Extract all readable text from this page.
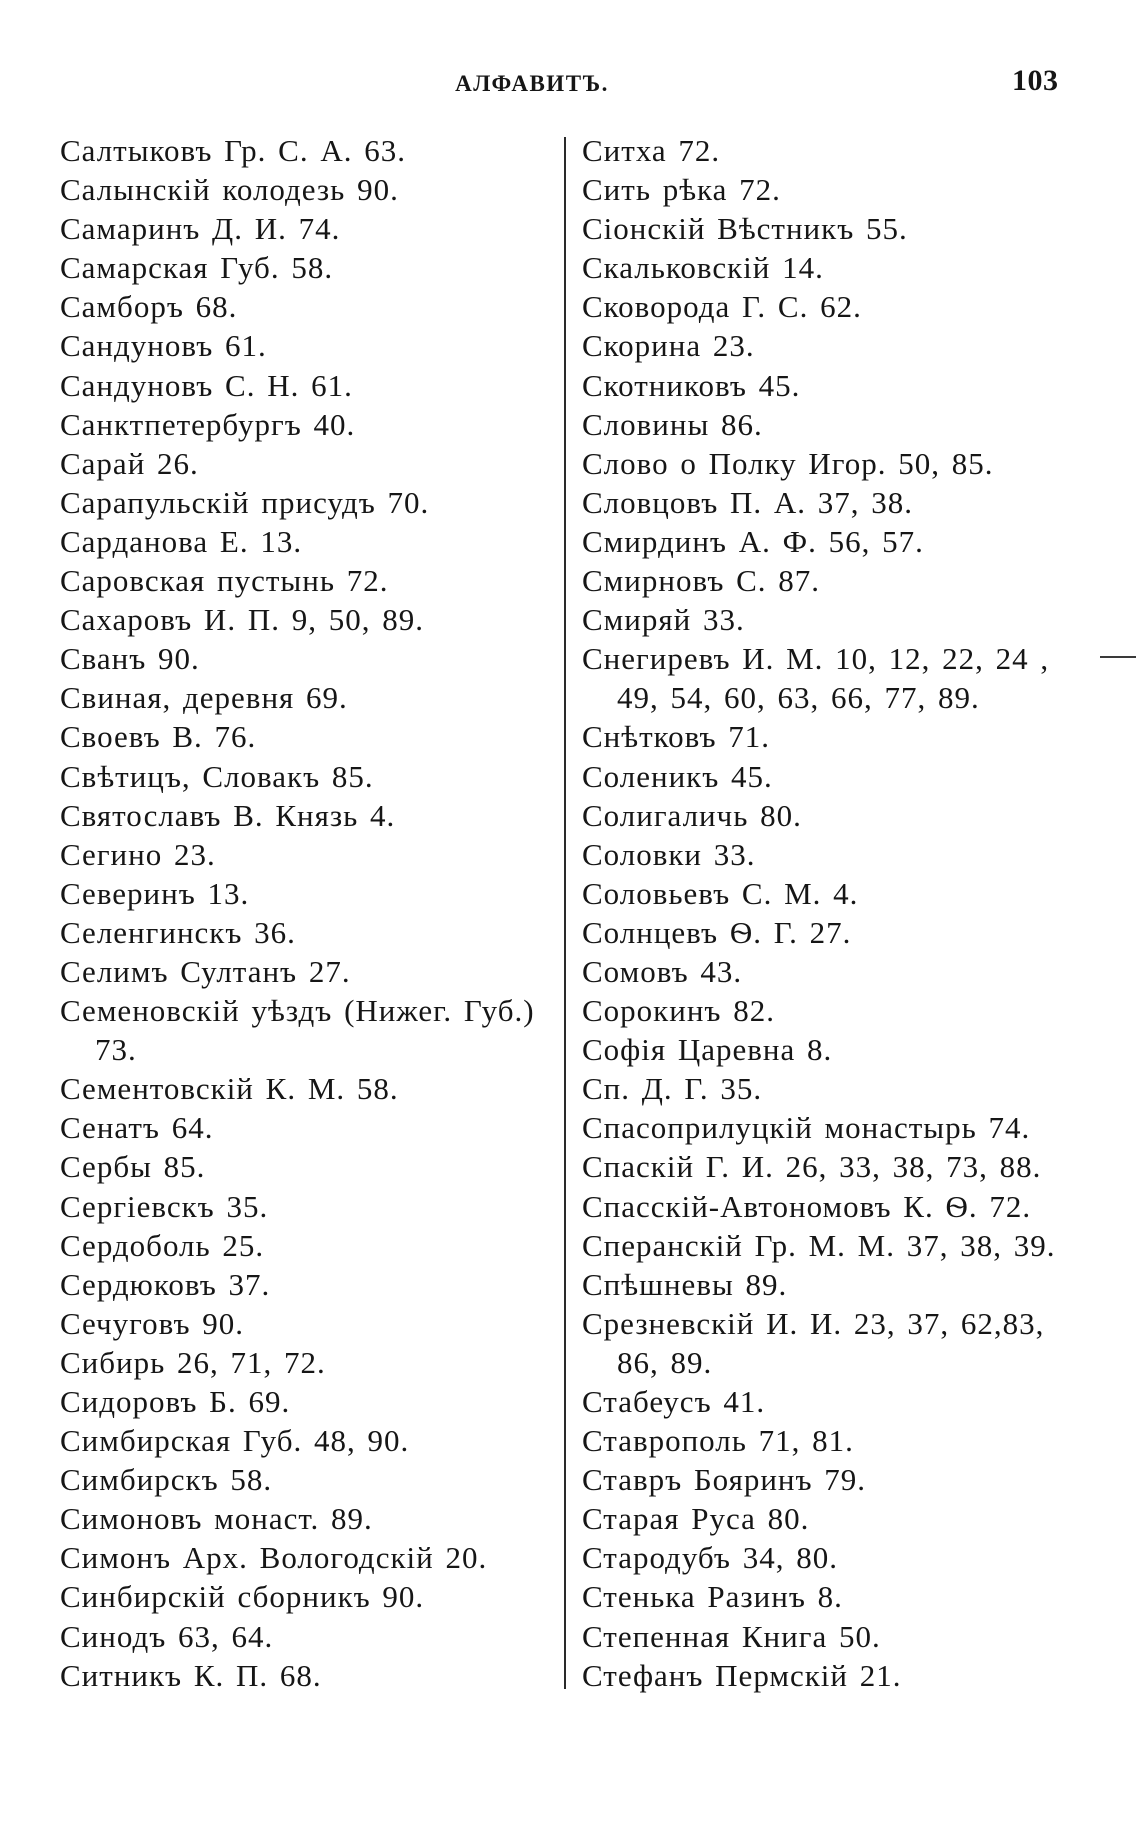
АЛФАВИТЪ.	103
Салтыковъ Гр. С. А. 63.
Салынскій колодезь 90.
Самаринъ Д. И. 74.
Самарская Губ. 58.
Самборъ 68.
Сандуновъ 61.
Сандуновъ С. Н. 61.
Санктпетербургъ 40.
Сарай 26.
Сарапульскій присудъ 70.
Сарданова Е. 13.
Саровская пустынь 72.
Сахаровъ И. П. 9, 50, 89.
Сванъ 90.
Свиная, деревня 69.
Своевъ В. 76.
Свѣтицъ, Словакъ 85.
Святославъ В. Князь 4.
Сегино 23.
Северинъ 13.
Селенгинскъ 36.
Селимъ Султанъ 27.
Семеновскій уѣздъ (Нижег. Губ.)
73.
Сементовскій К. М. 58.
Сенатъ 64.
Сербы 85.
Сергіевскъ 35.
Сердоболь 25.
Сердюковъ 37.
Сечуговъ 90.
Сибирь 26, 71, 72.
Сидоровъ Б. 69.
Симбирская Губ. 48, 90.
Симбирскъ 58.
Симоновъ монаст. 89.
Симонъ Арх. Вологодскій 20.
Синбирскій сборникъ 90.
Синодъ 63, 64.
Ситникъ К. П. 68.
Ситха 72.
Сить рѣка 72.
Сіонскій Вѣстникъ 55.
Скальковскій 14.
Сковорода Г. С. 62.
Скорина 23.
Скотниковъ 45.
Словины 86.
Слово о Полку Игор. 50, 85.
Словцовъ П. А. 37, 38.
Смирдинъ А. Ф. 56, 57.
Смирновъ С. 87.
Смиряй 33.
Снегиревъ И. М. 10, 12, 22, 24 ,
49, 54, 60, 63, 66, 77, 89.
Снѣтковъ 71.
Соленикъ 45.
Солигаличь 80.
Соловки 33.
Соловьевъ С. М. 4.
Солнцевъ Ѳ. Г. 27.
Сомовъ 43.
Сорокинъ 82.
Софія Царевна 8.
Сп. Д. Г. 35.
Спасоприлуцкій монастырь 74.
Спаскій Г. И. 26, 33, 38, 73, 88.
Спасскій-Автономовъ К. Ѳ. 72.
Сперанскій Гр. М. М. 37, 38, 39.
Спѣшневы 89.
Срезневскій И. И. 23, 37, 62,83,
86, 89.
Стабеусъ 41.
Ставрополь 71, 81.
Ставръ Бояринъ 79.
Старая Руса 80.
Стародубъ 34, 80.
Стенька Разинъ 8.
Степенная Книга 50.
Стефанъ Пермскій 21.
